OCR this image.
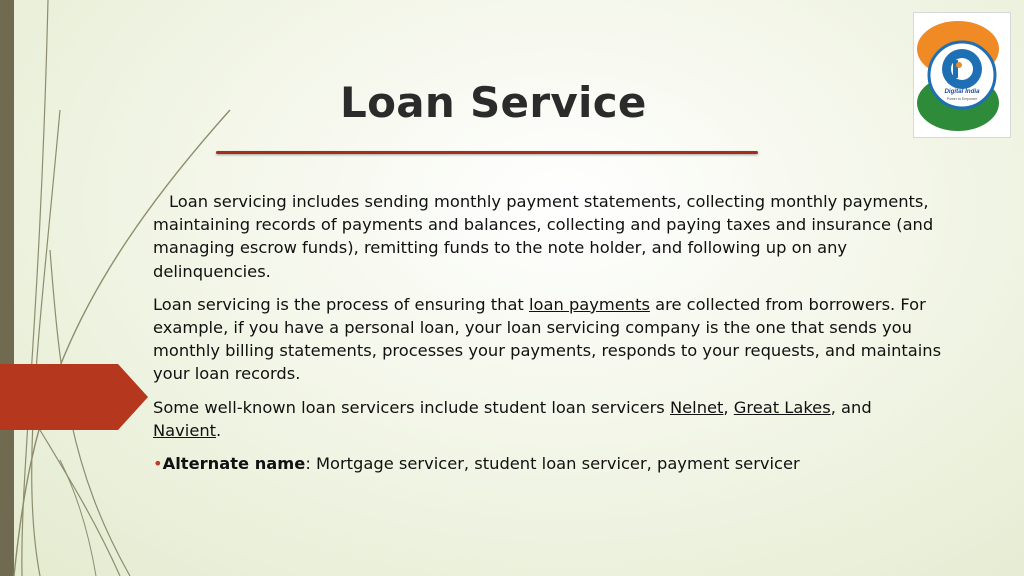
Digital India
Power to Empower
Loan Service

Loan servicing includes sending monthly payment statements, collecting monthly payments, maintaining records of payments and balances, collecting and paying taxes and insurance (and managing escrow funds), remitting funds to the note holder, and following up on any delinquencies.

Loan servicing is the process of ensuring that loan payments are collected from borrowers. For example, if you have a personal loan, your loan servicing company is the one that sends you monthly billing statements, processes your payments, responds to your requests, and maintains your loan records.

Some well-known loan servicers include student loan servicers Nelnet, Great Lakes, and Navient.

•Alternate name: Mortgage servicer, student loan servicer, payment servicer
